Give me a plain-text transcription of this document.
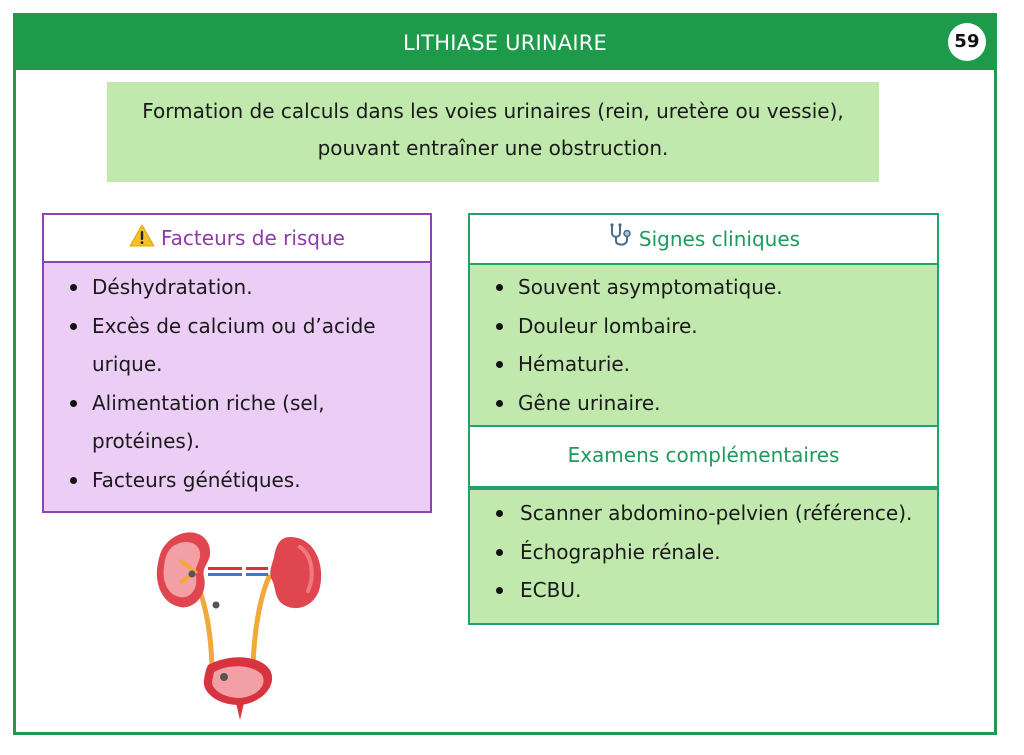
LITHIASE URINAIRE	59
Formation de calculs dans les voies urinaires (rein, uretère ou vessie), pouvant entraîner une obstruction.
Facteurs de risque
Déshydratation.
Excès de calcium ou d’acide urique.
Alimentation riche (sel, protéines).
Facteurs génétiques.
Signes cliniques
Souvent asymptomatique.
Douleur lombaire.
Hématurie.
Gêne urinaire.
Examens complémentaires
Scanner abdomino-pelvien (référence).
Échographie rénale.
ECBU.
